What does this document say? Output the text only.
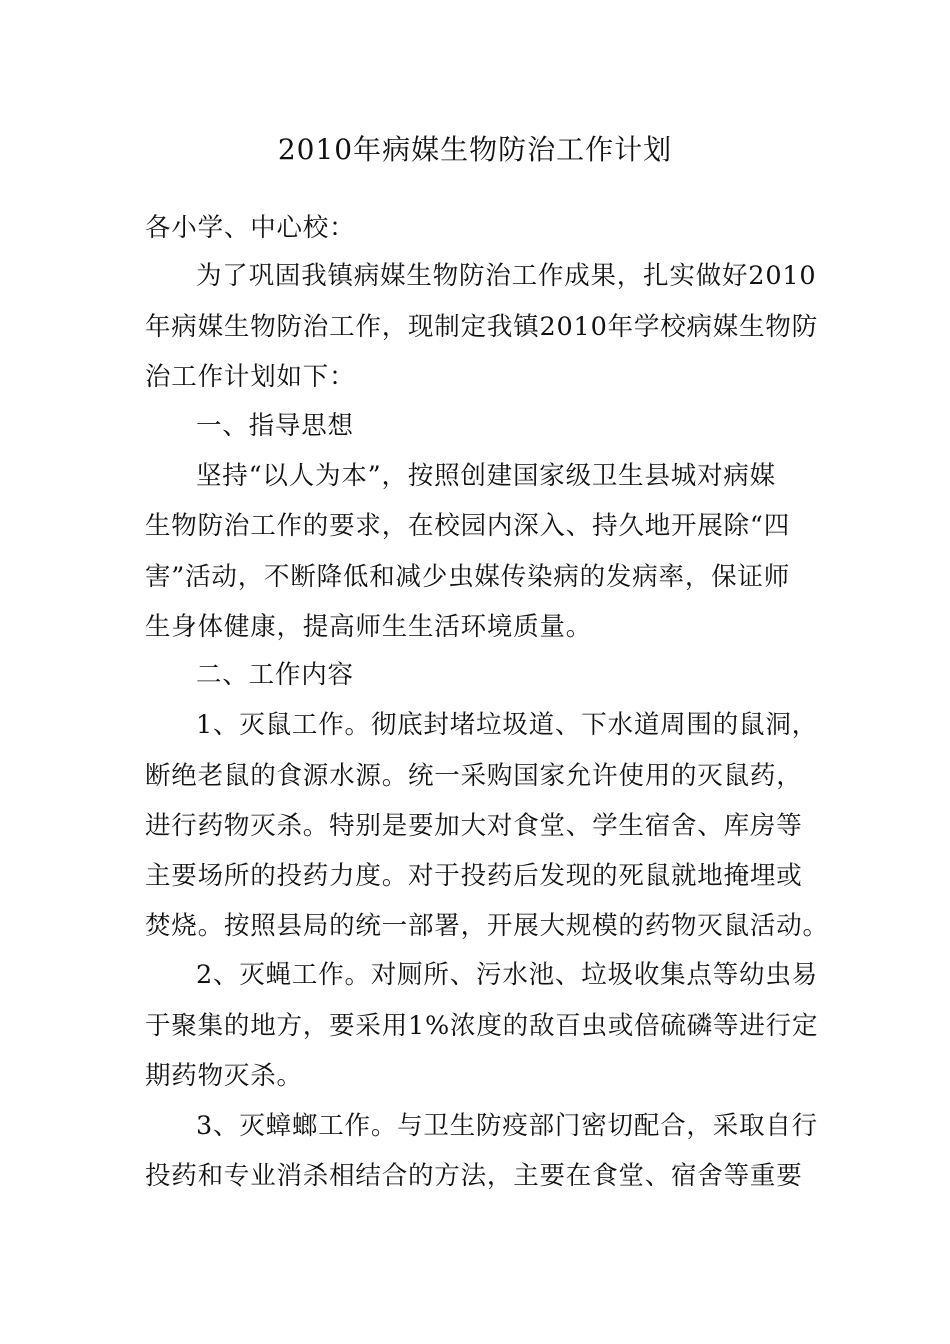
2010年病媒生物防治工作计划
各小学、中心校：
为了巩固我镇病媒生物防治工作成果，扎实做好2010
年病媒生物防治工作，现制定我镇2010年学校病媒生物防
治工作计划如下：
一、指导思想
坚持“以人为本”，按照创建国家级卫生县城对病媒
生物防治工作的要求，在校园内深入、持久地开展除“四
害”活动，不断降低和减少虫媒传染病的发病率，保证师
生身体健康，提高师生生活环境质量。
二、工作内容
1、灭鼠工作。彻底封堵垃圾道、下水道周围的鼠洞，
断绝老鼠的食源水源。统一采购国家允许使用的灭鼠药，
进行药物灭杀。特别是要加大对食堂、学生宿舍、库房等
主要场所的投药力度。对于投药后发现的死鼠就地掩埋或
焚烧。按照县局的统一部署，开展大规模的药物灭鼠活动。
2、灭蝇工作。对厕所、污水池、垃圾收集点等幼虫易
于聚集的地方，要采用1%浓度的敌百虫或倍硫磷等进行定
期药物灭杀。
3、灭蟑螂工作。与卫生防疫部门密切配合，采取自行
投药和专业消杀相结合的方法，主要在食堂、宿舍等重要
